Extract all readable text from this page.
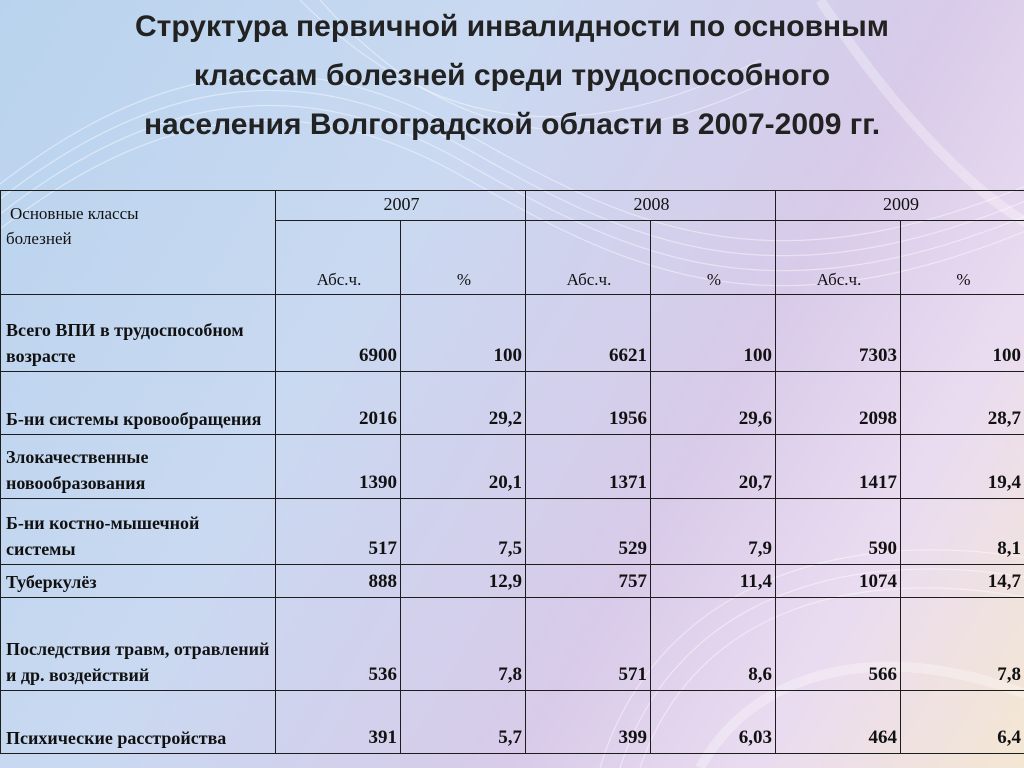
Структура первичной инвалидности по основным
классам болезней среди трудоспособного
населения Волгоградской области в 2007-2009 гг.
Основные классы
болезней	2007		2008		2009	
	Абс.ч.	%	Абс.ч.	%	Абс.ч.	%
Всего ВПИ в трудоспособном возрасте	6900	100	6621	100	7303	100
Б-ни системы кровообращения	2016	29,2	1956	29,6	2098	28,7
Злокачественные новообразования	1390	20,1	1371	20,7	1417	19,4
Б-ни костно-мышечной системы	517	7,5	529	7,9	590	8,1
Туберкулёз	888	12,9	757	11,4	1074	14,7
Последствия травм, отравлений и др. воздействий	536	7,8	571	8,6	566	7,8
Психические расстройства	391	5,7	399	6,03	464	6,4
